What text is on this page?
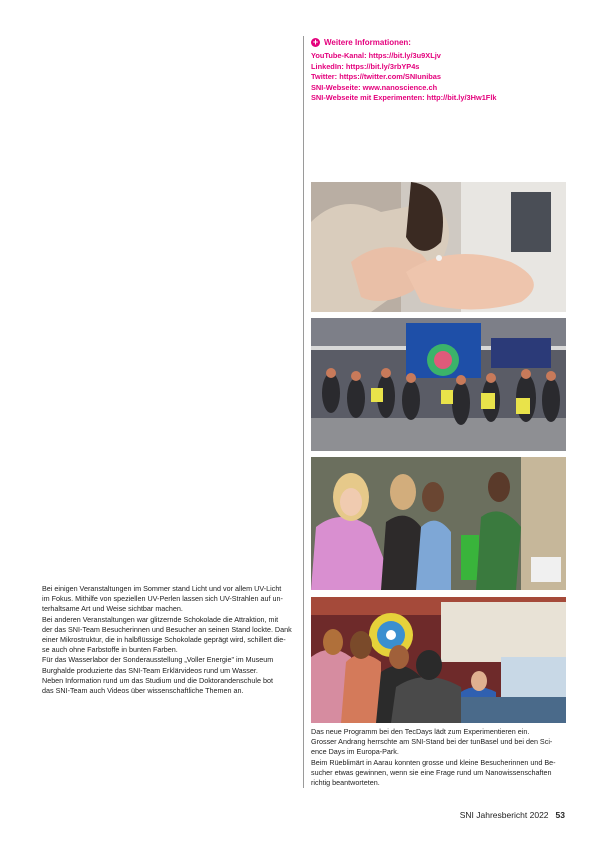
+ Weitere Informationen:
YouTube-Kanal: https://bit.ly/3u9XLjv
LinkedIn: https://bit.ly/3rbYP4s
Twitter: https://twitter.com/SNIunibas
SNI-Webseite: www.nanoscience.ch
SNI-Webseite mit Experimenten: http://bit.ly/3Hw1Flk

Bei einigen Veranstaltungen im Sommer stand Licht und vor allem UV-Licht

im Fokus. Mithilfe von speziellen UV-Perlen lassen sich UV-Strahlen auf un-

terhaltsame Art und Weise sichtbar machen.

Bei anderen Veranstaltungen war glitzernde Schokolade die Attraktion, mit

der das SNI-Team Besucherinnen und Besucher an seinen Stand lockte. Dank

einer Mikrostruktur, die in halbflüssige Schokolade geprägt wird, schillert die-

se auch ohne Farbstoffe in bunten Farben.

Für das Wasserlabor der Sonderausstellung „Voller Energie" im Museum

Burghalde produzierte das SNI-Team Erklärvideos rund um Wasser.

Neben Information rund um das Studium und die Doktorandenschule bot

das SNI-Team auch Videos über wissenschaftliche Themen an.

Das neue Programm bei den TecDays lädt zum Experimentieren ein.

Grosser Andrang herrschte am SNI-Stand bei der tunBasel und bei den Sci-

ence Days im Europa-Park.

Beim Rüeblimärt in Aarau konnten grosse und kleine Besucherinnen und Be-

sucher etwas gewinnen, wenn sie eine Frage rund um Nanowissenschaften

richtig beantworteten.

SNI Jahresbericht 2022 53
